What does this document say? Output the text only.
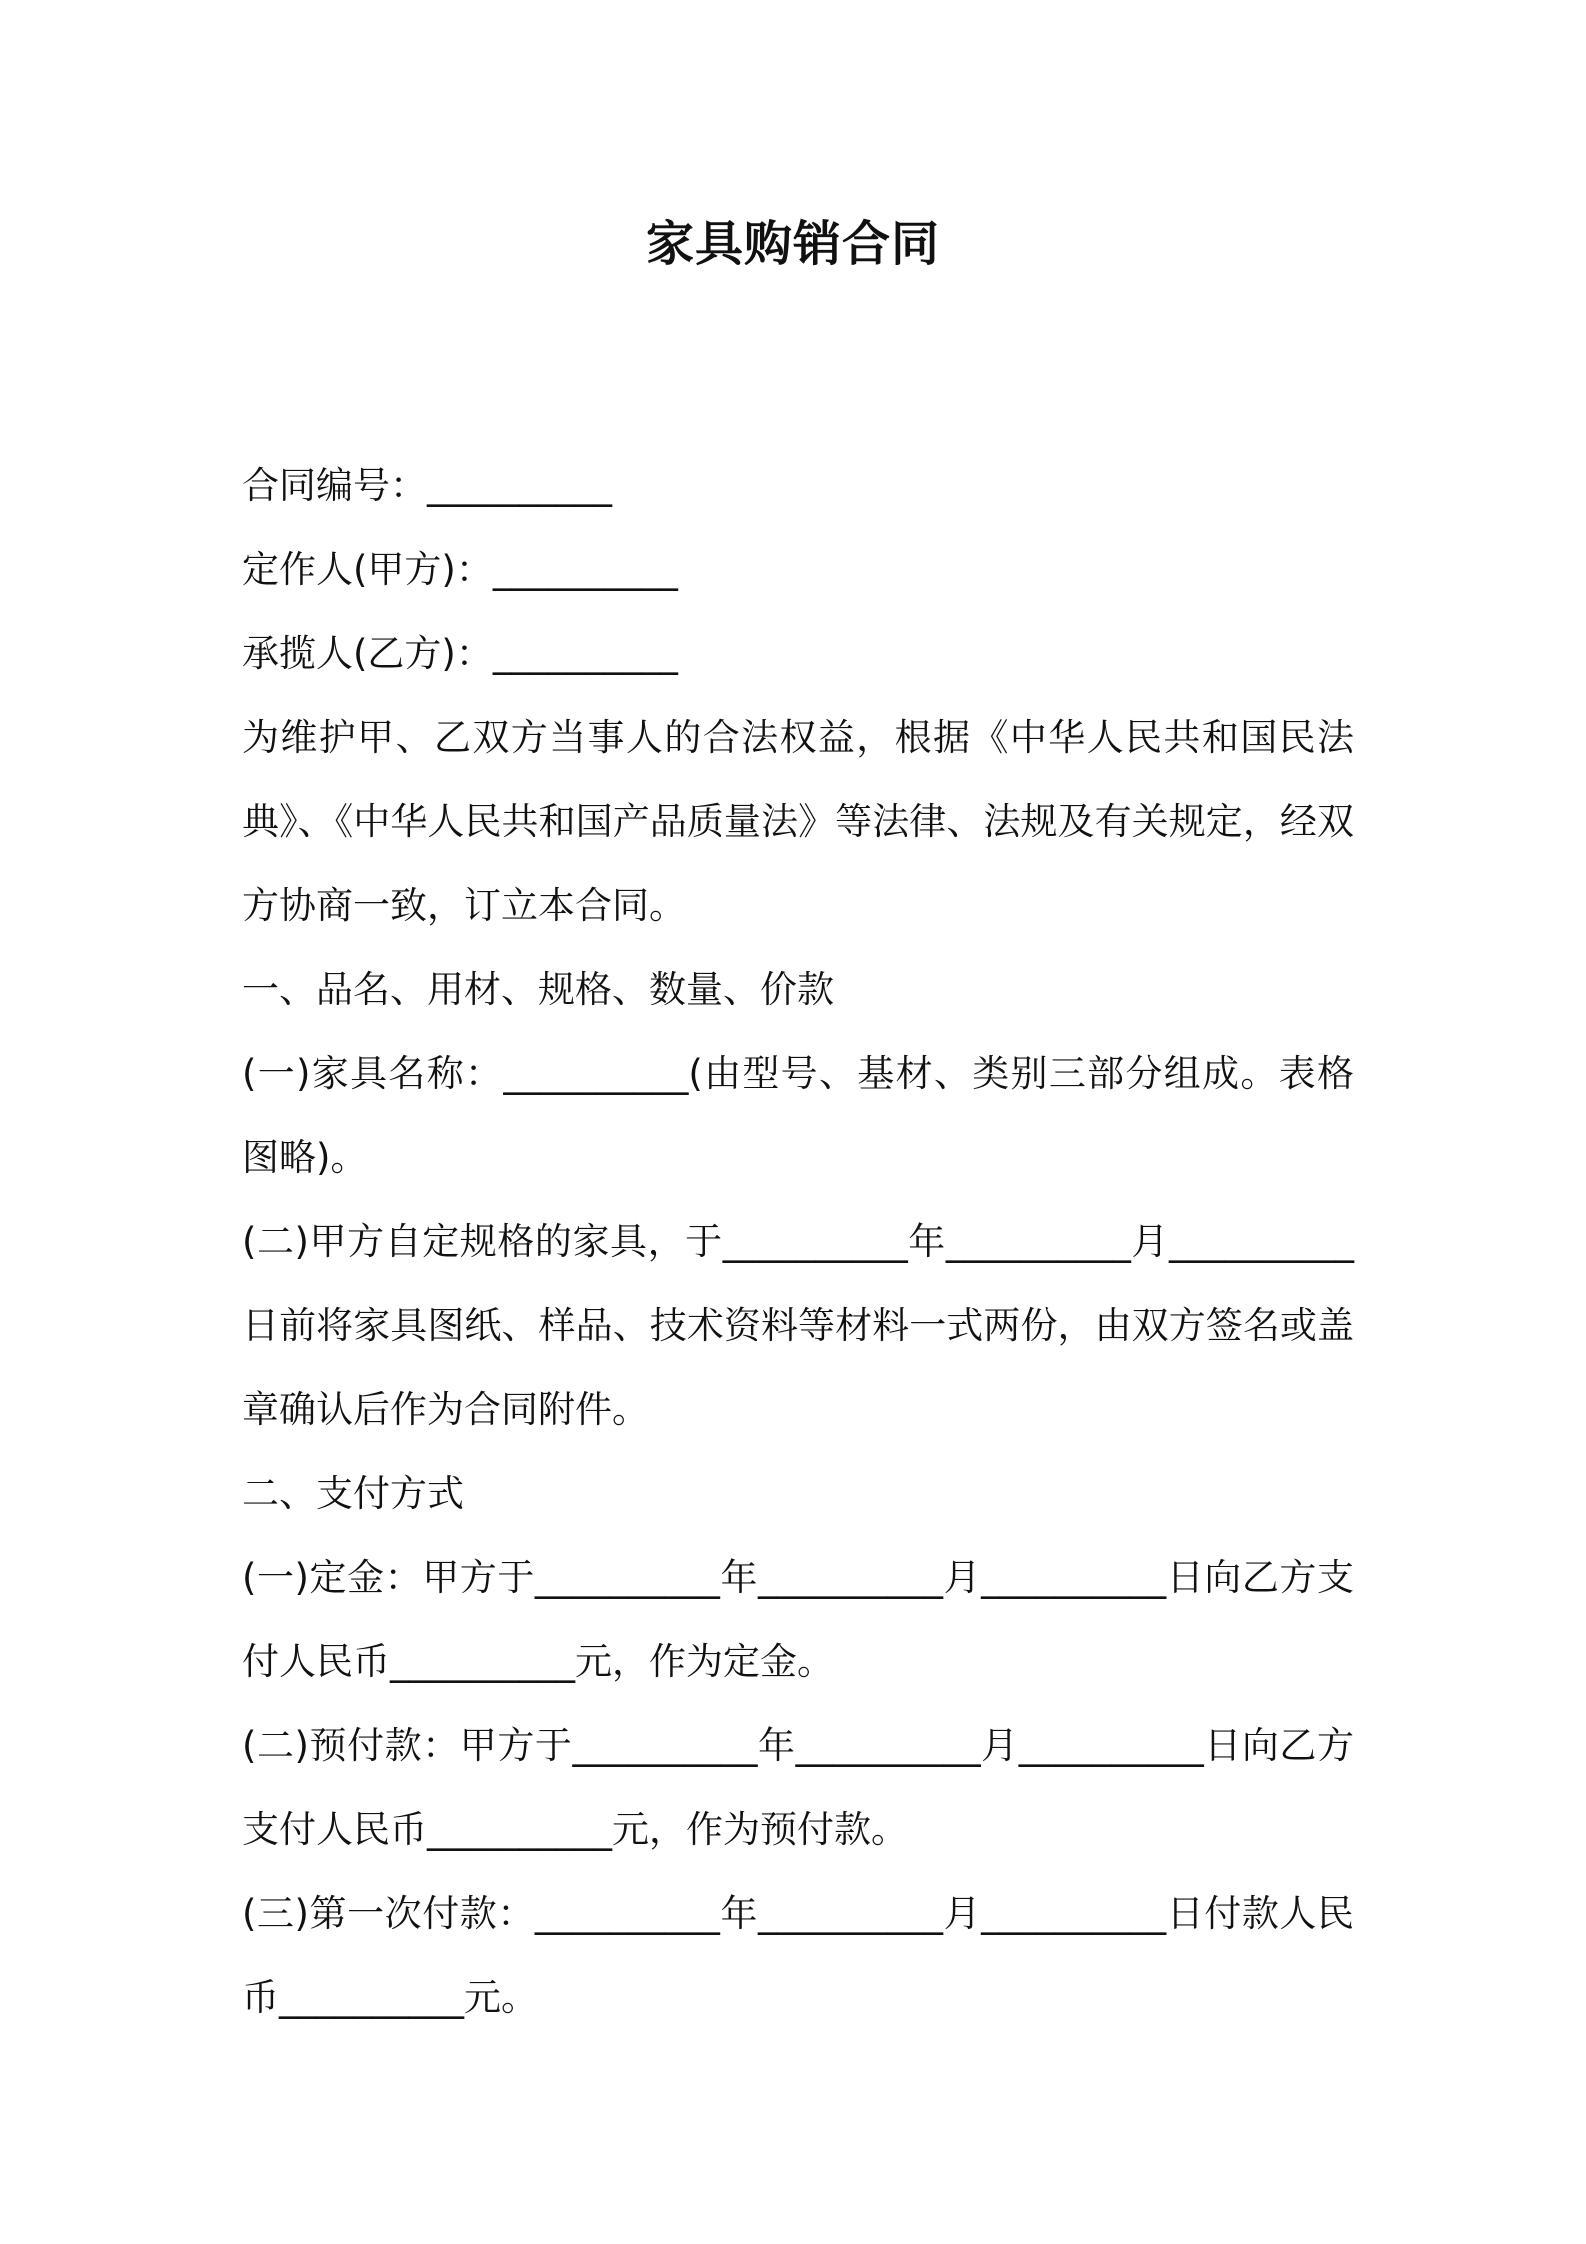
家具购销合同

合同编号：__________

定作人(甲方)：__________

承揽人(乙方)：__________

为维护甲、乙双方当事人的合法权益，根据《中华人民共和国民法典》、《中华人民共和国产品质量法》等法律、法规及有关规定，经双方协商一致，订立本合同。

一、品名、用材、规格、数量、价款

(一)家具名称：__________(由型号、基材、类别三部分组成。表格图略)。

(二)甲方自定规格的家具，于__________年__________月__________日前将家具图纸、样品、技术资料等材料一式两份，由双方签名或盖章确认后作为合同附件。

二、支付方式

(一)定金：甲方于__________年__________月__________日向乙方支付人民币__________元，作为定金。

(二)预付款：甲方于__________年__________月__________日向乙方支付人民币__________元，作为预付款。

(三)第一次付款：__________年__________月__________日付款人民币__________元。
